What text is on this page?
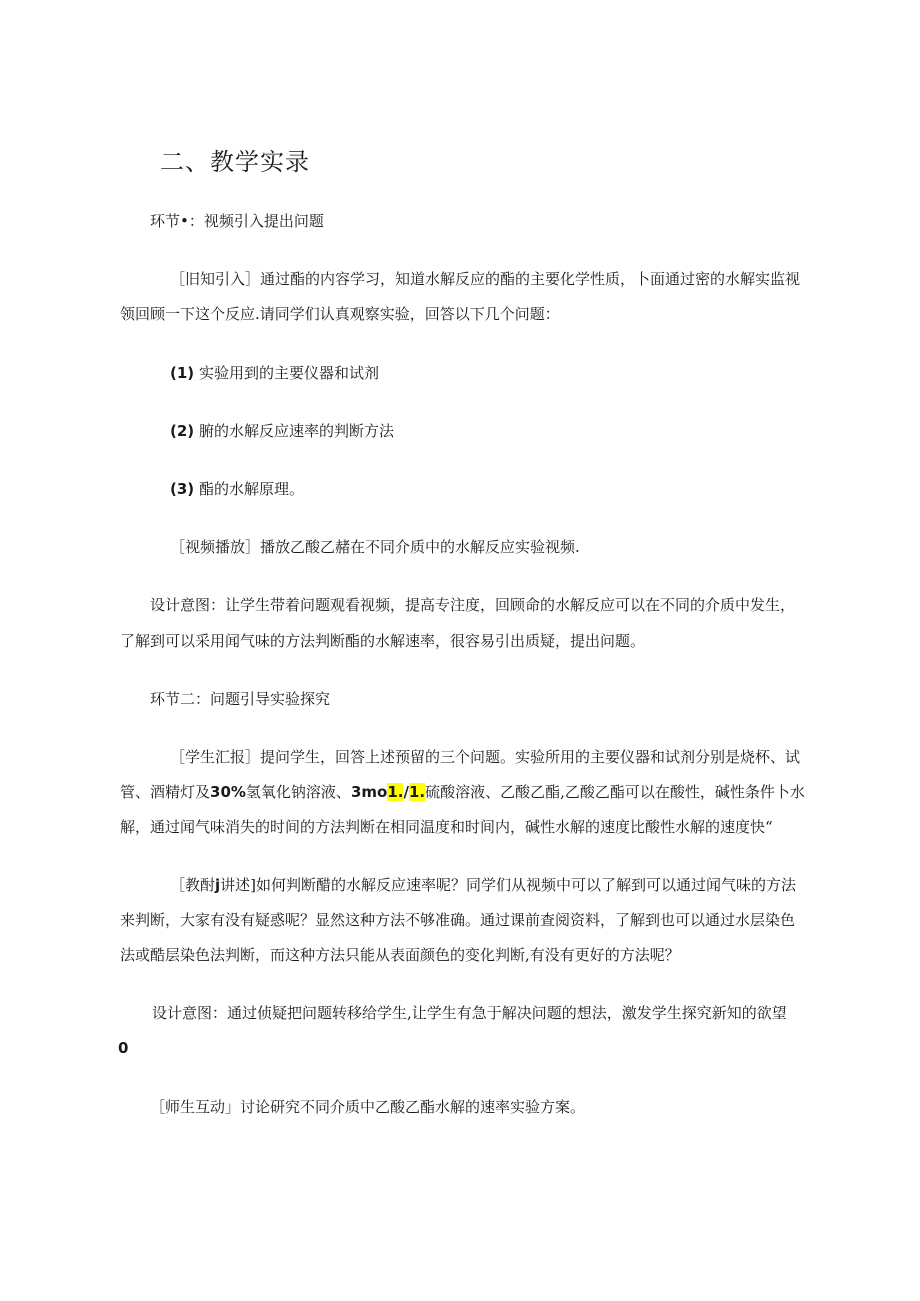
二、教学实录

环节•：视频引入提出问题

［旧知引入］通过酯的内容学习，知道水解反应的酯的主要化学性质，卜面通过密的水解实监视

领回顾一下这个反应.请同学们认真观察实验，回答以下几个问题：

(1) 实验用到的主要仪器和试剂

(2) 腑的水解反应速率的判断方法

(3) 酯的水解原理。

［视频播放］播放乙酸乙赭在不同介质中的水解反应实验视频.

设计意图：让学生带着问题观看视频，提高专注度，回顾命的水解反应可以在不同的介质中发生，

了解到可以采用闻气味的方法判断酯的水解速率，很容易引出质疑，提出问题。

环节二：问题引导实验探究

［学生汇报］提问学生，回答上述预留的三个问题。实验所用的主要仪器和试剂分别是烧杯、试

管、酒精灯及30%氢氧化钠溶液、3mo1./1.硫酸溶液、乙酸乙酯,乙酸乙酯可以在酸性，碱性条件卜水

解，通过闻气味消失的时间的方法判断在相同温度和时间内，碱性水解的速度比酸性水解的速度快“

［教酎j讲述]如何判断醋的水解反应速率呢？同学们从视频中可以了解到可以通过闻气味的方法

来判断，大家有没有疑惑呢？显然这种方法不够准确。通过课前查阅资料，了解到也可以通过水层染色

法或酷层染色法判断，而这种方法只能从表面颜色的变化判断,有没有更好的方法呢？

设计意图：通过侦疑把问题转移给学生,让学生有急于解决问题的想法，激发学生探究新知的欲望

0

［师生互动」讨论研究不同介质中乙酸乙酯水解的速率实验方案。
